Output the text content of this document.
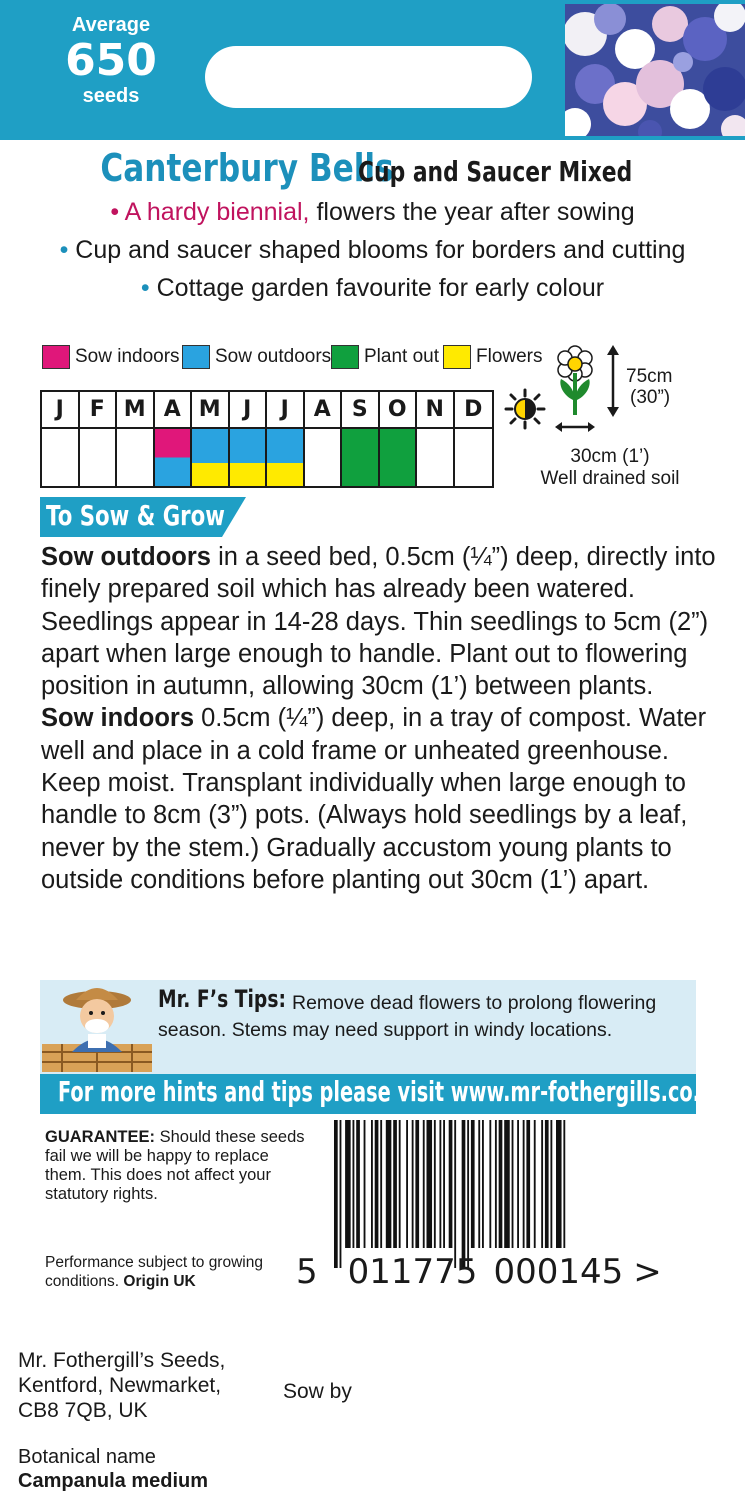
Average
650
seeds
Canterbury Bells Cup and Saucer Mixed
• A hardy biennial, flowers the year after sowing
• Cup and saucer shaped blooms for borders and cutting
• Cottage garden favourite for early colour
Sow indoors Sow outdoors Plant out Flowers
J	F M A M	J	J	A S O N D
75cm
(30”)
30cm (1’)
Well drained soil
To Sow & Grow

Sow outdoors in a seed bed, 0.5cm (¼”) deep, directly into finely prepared soil which has already been watered. Seedlings appear in 14-28 days. Thin seedlings to 5cm (2”) apart when large enough to handle. Plant out to flowering position in autumn, allowing 30cm (1’) between plants.

Sow indoors 0.5cm (¼”) deep, in a tray of compost. Water well and place in a cold frame or unheated greenhouse. Keep moist. Transplant individually when large enough to handle to 8cm (3”) pots. (Always hold seedlings by a leaf, never by the stem.) Gradually accustom young plants to outside conditions before planting out 30cm (1’) apart.

Mr. F’s Tips: Remove dead flowers to prolong flowering season. Stems may need support in windy locations.
For more hints and tips please visit www.mr-fothergills.co.uk
GUARANTEE: Should these seeds fail we will be happy to replace them. This does not affect your statutory rights.
Performance subject to growing conditions. Origin UK	5 011775 000145 >
Mr. Fothergill’s Seeds,
Kentford, Newmarket,
CB8 7QB, UK
Sow by
Botanical name
Campanula medium
